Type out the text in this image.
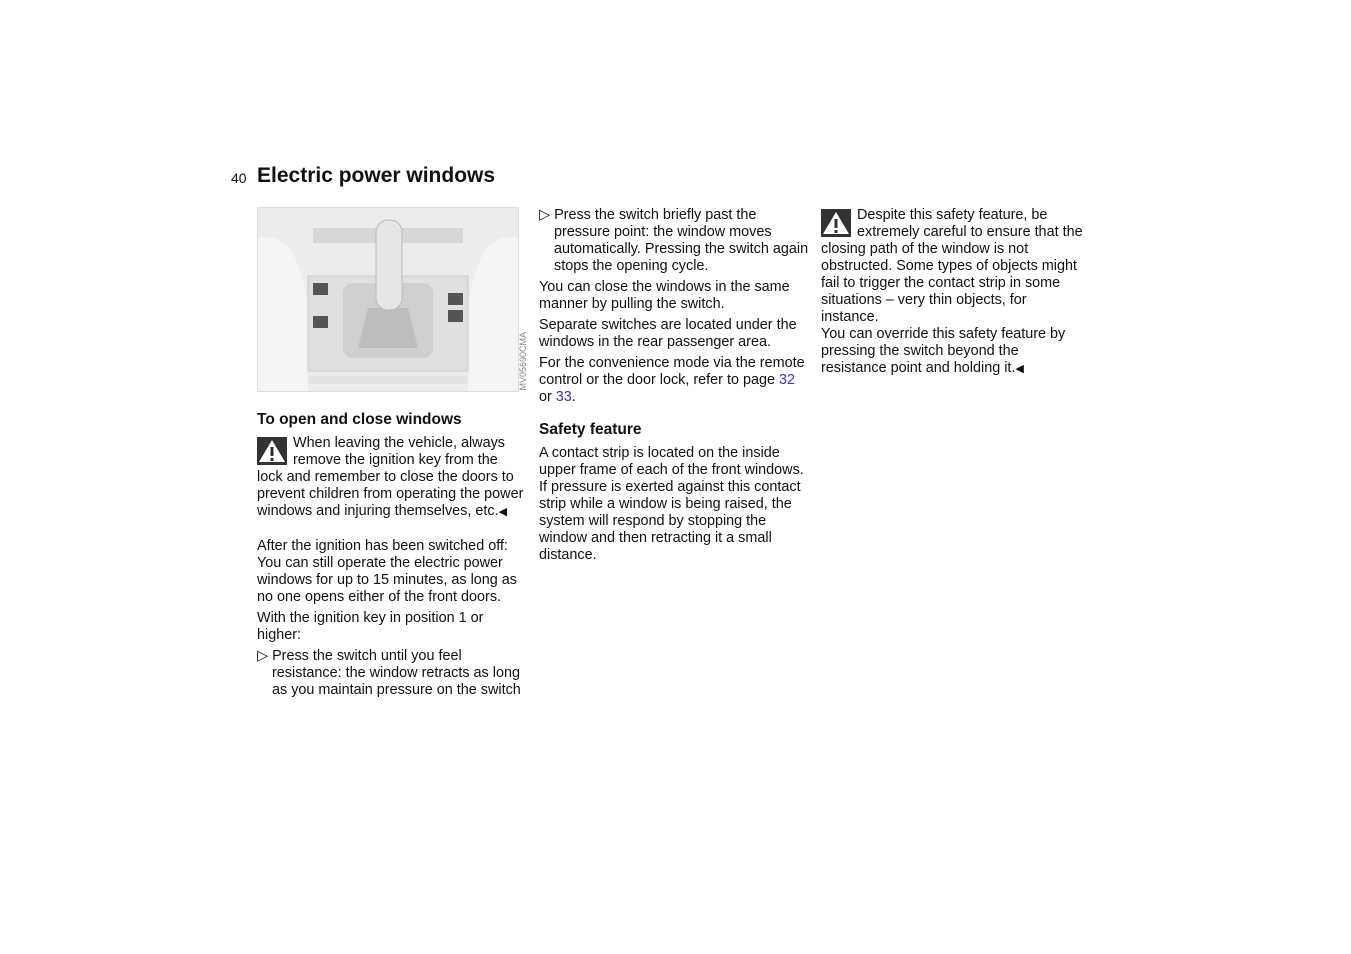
40 Electric power windows
MV05690CMA

To open and close windows

When leaving the vehicle, always remove the ignition key from the lock and remember to close the doors to prevent children from operating the power windows and injuring themselves, etc.◀

After the ignition has been switched off: You can still operate the electric power windows for up to 15 minutes, as long as no one opens either of the front doors.

With the ignition key in position 1 or higher:

▷ Press the switch until you feel resistance: the window retracts as long as you maintain pressure on the switch

▷ Press the switch briefly past the pressure point: the window moves automatically. Pressing the switch again stops the opening cycle.

You can close the windows in the same manner by pulling the switch.

Separate switches are located under the windows in the rear passenger area.

For the convenience mode via the remote control or the door lock, refer to page 32 or 33.

Safety feature

A contact strip is located on the inside upper frame of each of the front windows. If pressure is exerted against this contact strip while a window is being raised, the system will respond by stopping the window and then retracting it a small distance.

Despite this safety feature, be extremely careful to ensure that the closing path of the window is not obstructed. Some types of objects might fail to trigger the contact strip in some situations – very thin objects, for instance.

You can override this safety feature by pressing the switch beyond the resistance point and holding it.◀
